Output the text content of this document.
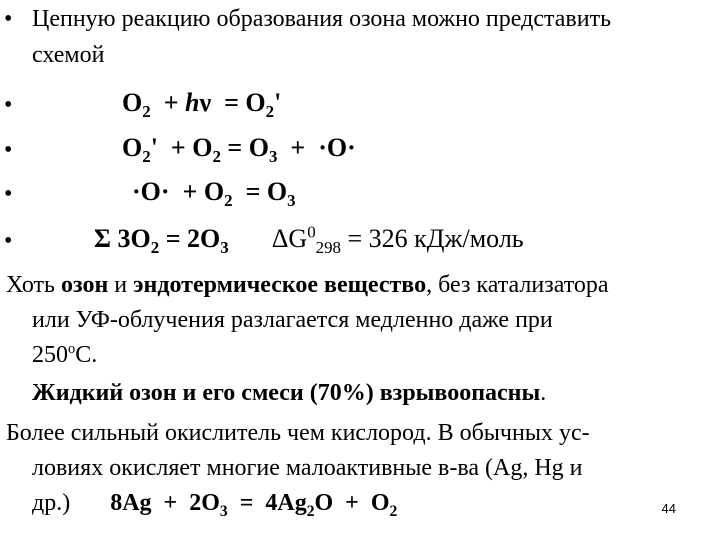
• Цепную реакцию образования озона можно представить
схемой
•	$O_2 + h\nu = O_2'$
•	$O_2' + O_2 = O_3 + \cdot O\cdot$
•	$\cdot O\cdot + O_2 = O_3$
•	Σ $3O_2 = 2O_3$ $\Delta G^0_{298} = 326$ кДж/моль
Хоть озон и эндотермическое вещество, без катализатора
или УФ-облучения разлагается медленно даже при
$250^оС$.
Жидкий озон и его смеси (70%) взрывоопасны.
Более сильный окислитель чем кислород. В обычных ус-
ловиях окисляет многие малоактивные в-ва (Ag, Hg и
др.) $8Ag + 2O_3 = 4Ag_2O + O_2$	44
